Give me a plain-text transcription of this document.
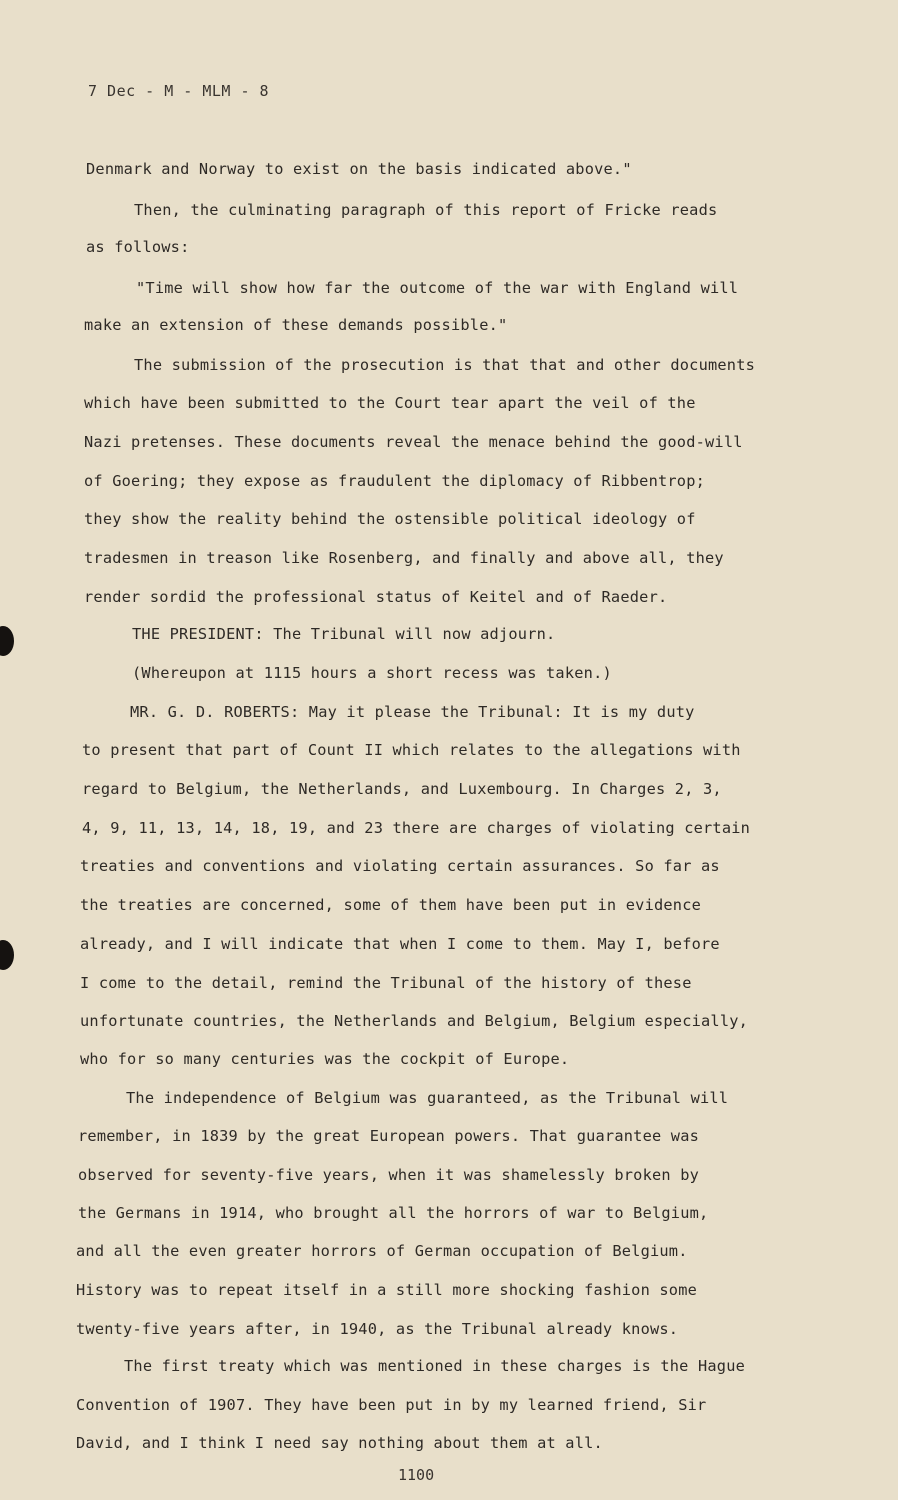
7 Dec - M - MLM - 8
Denmark and Norway to exist on the basis indicated above."
Then, the culminating paragraph of this report of Fricke reads
as follows:
"Time will show how far the outcome of the war with England will
make an extension of these demands possible."
The submission of the prosecution is that that and other documents
which have been submitted to the Court tear apart the veil of the
Nazi pretenses. These documents reveal the menace behind the good-will
of Goering; they expose as fraudulent the diplomacy of Ribbentrop;
they show the reality behind the ostensible political ideology of
tradesmen in treason like Rosenberg, and finally and above all, they
render sordid the professional status of Keitel and of Raeder.
THE PRESIDENT: The Tribunal will now adjourn.
(Whereupon at 1115 hours a short recess was taken.)
MR. G. D. ROBERTS: May it please the Tribunal: It is my duty
to present that part of Count II which relates to the allegations with
regard to Belgium, the Netherlands, and Luxembourg. In Charges 2, 3,
4, 9, 11, 13, 14, 18, 19, and 23 there are charges of violating certain
treaties and conventions and violating certain assurances. So far as
the treaties are concerned, some of them have been put in evidence
already, and I will indicate that when I come to them. May I, before
I come to the detail, remind the Tribunal of the history of these
unfortunate countries, the Netherlands and Belgium, Belgium especially,
who for so many centuries was the cockpit of Europe.
The independence of Belgium was guaranteed, as the Tribunal will
remember, in 1839 by the great European powers. That guarantee was
observed for seventy-five years, when it was shamelessly broken by
the Germans in 1914, who brought all the horrors of war to Belgium,
and all the even greater horrors of German occupation of Belgium.
History was to repeat itself in a still more shocking fashion some
twenty-five years after, in 1940, as the Tribunal already knows.
The first treaty which was mentioned in these charges is the Hague
Convention of 1907. They have been put in by my learned friend, Sir
David, and I think I need say nothing about them at all.
1100
